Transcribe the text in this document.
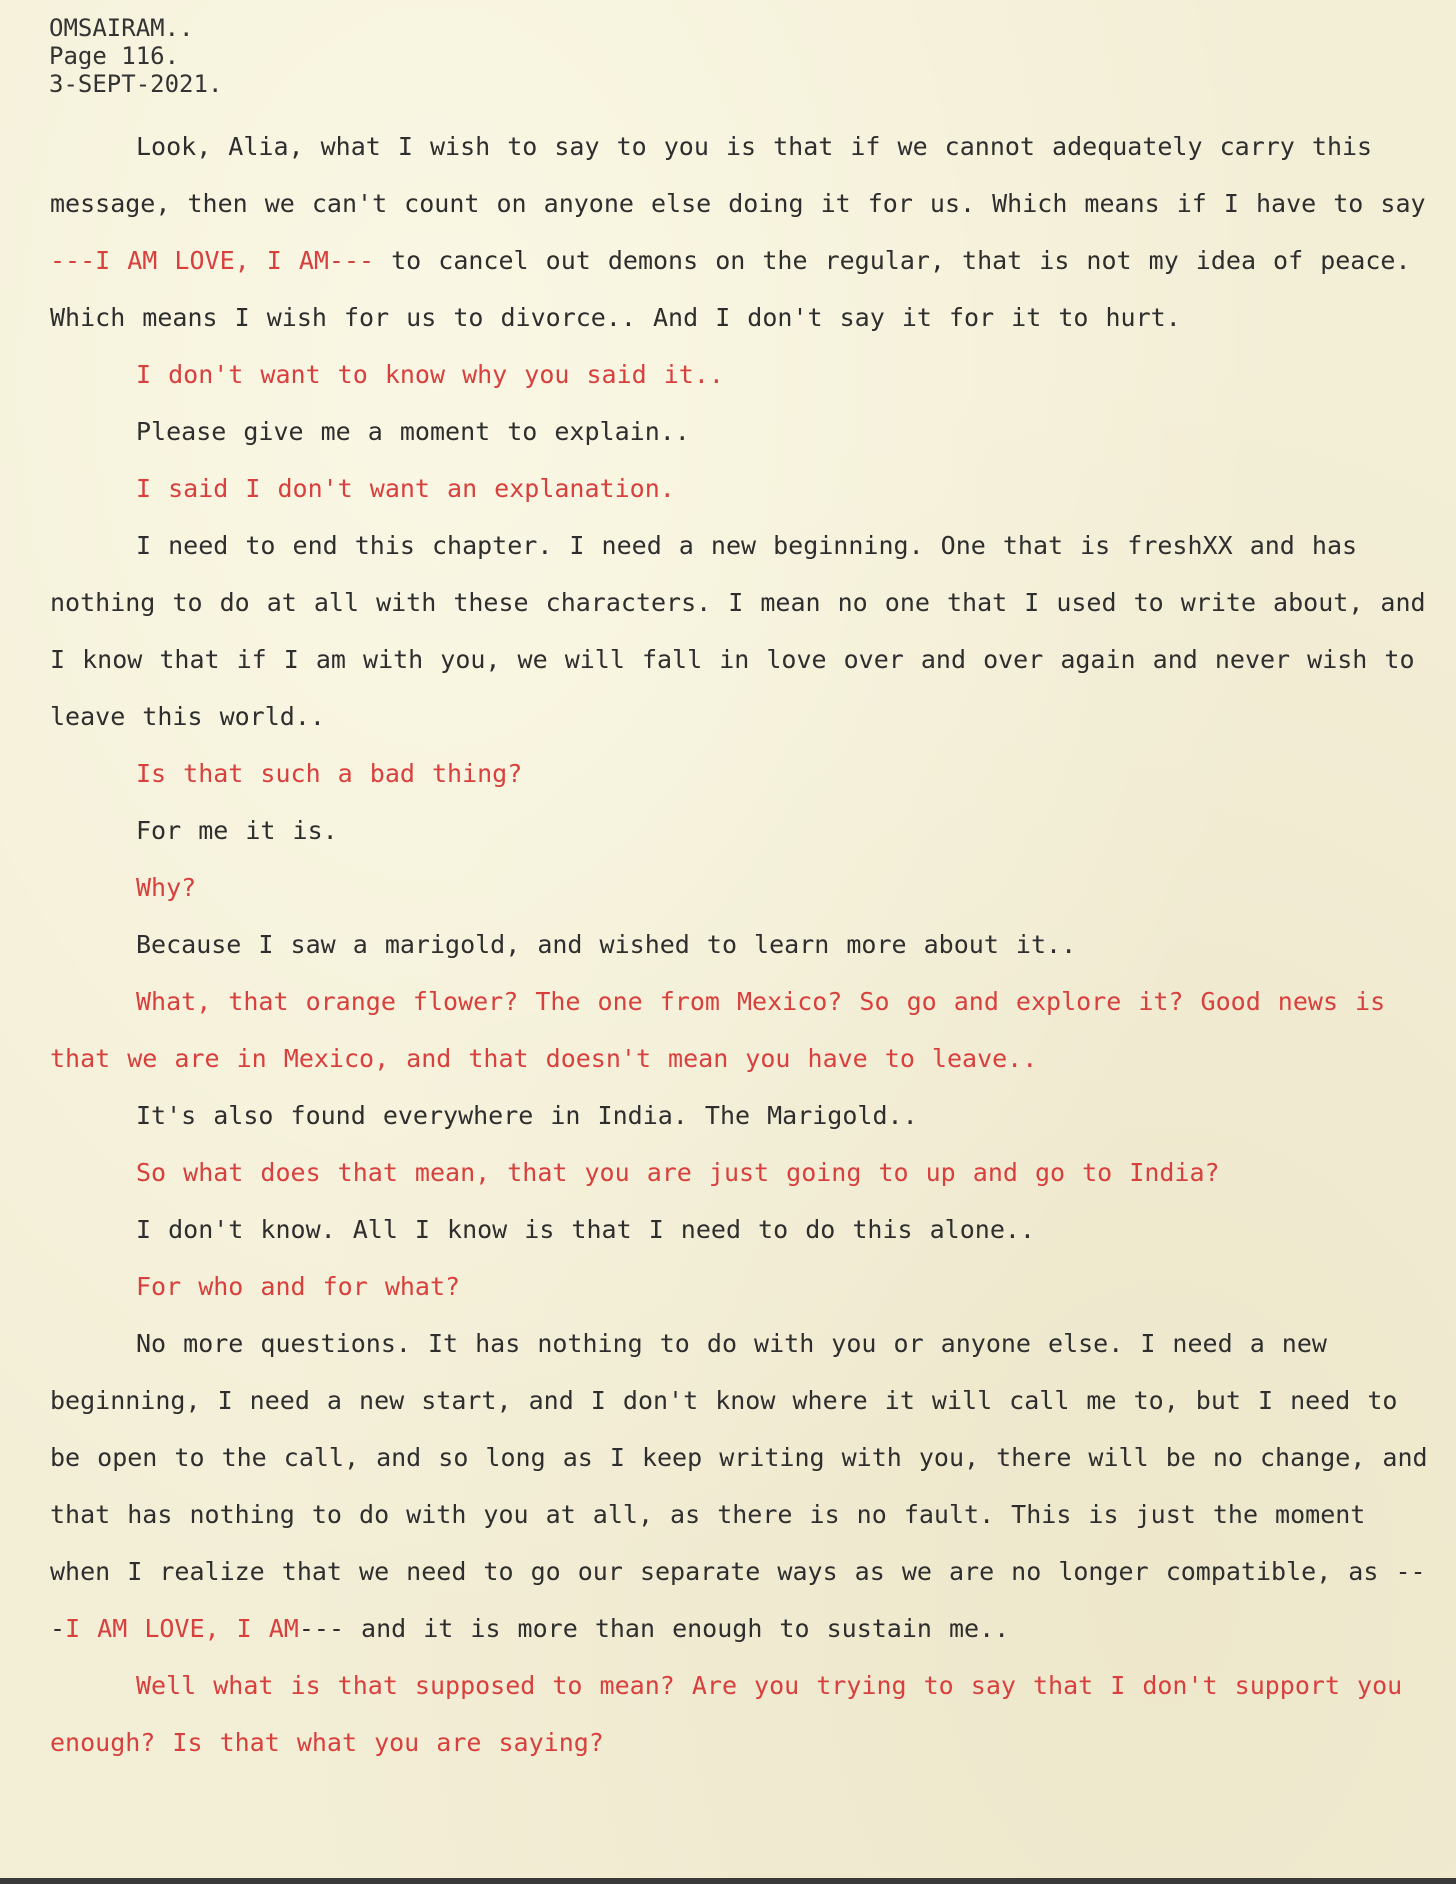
OMSAIRAM..
Page 116.
3-SEPT-2021.

Look, Alia, what I wish to say to you is that if we cannot adequately carry this message, then we can't count on anyone else doing it for us. Which means if I have to say ---I AM LOVE, I AM--- to cancel out demons on the regular, that is not my idea of peace. Which means I wish for us to divorce.. And I don't say it for it to hurt.

I don't want to know why you said it..

Please give me a moment to explain..

I said I don't want an explanation.

I need to end this chapter. I need a new beginning. One that is freshXX and has nothing to do at all with these characters. I mean no one that I used to write about, and I know that if I am with you, we will fall in love over and over again and never wish to leave this world..

Is that such a bad thing?

For me it is.

Why?

Because I saw a marigold, and wished to learn more about it..

What, that orange flower? The one from Mexico? So go and explore it? Good news is that we are in Mexico, and that doesn't mean you have to leave..

It's also found everywhere in India. The Marigold..

So what does that mean, that you are just going to up and go to India?

I don't know. All I know is that I need to do this alone..

For who and for what?

No more questions. It has nothing to do with you or anyone else. I need a new beginning, I need a new start, and I don't know where it will call me to, but I need to be open to the call, and so long as I keep writing with you, there will be no change, and that has nothing to do with you at all, as there is no fault. This is just the moment when I realize that we need to go our separate ways as we are no longer compatible, as ---I AM LOVE, I AM--- and it is more than enough to sustain me..

Well what is that supposed to mean? Are you trying to say that I don't support you enough? Is that what you are saying?
